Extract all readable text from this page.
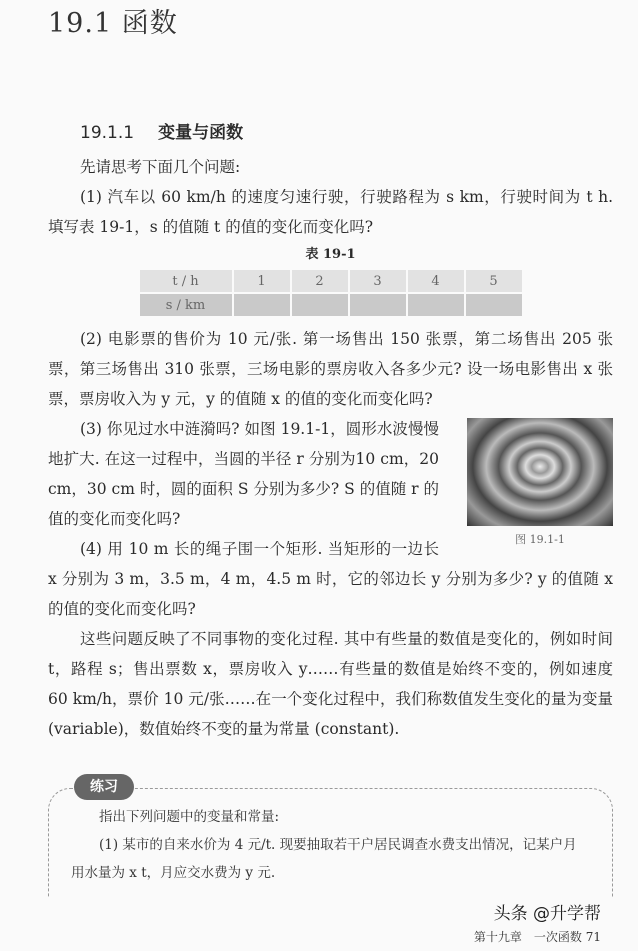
19.1 函数
19.1.1 变量与函数

先请思考下面几个问题:

(1) 汽车以 60 km/h 的速度匀速行驶，行驶路程为 s km，行驶时间为 t h. 填写表 19-1，s 的值随 t 的值的变化而变化吗?

表 19-1
t / h	1	2	3	4	5
s / km					

(2) 电影票的售价为 10 元/张. 第一场售出 150 张票，第二场售出 205 张票，第三场售出 310 张票，三场电影的票房收入各多少元? 设一场电影售出 x 张票，票房收入为 y 元，y 的值随 x 的值的变化而变化吗?

图 19.1-1

(3) 你见过水中涟漪吗? 如图 19.1-1，圆形水波慢慢地扩大. 在这一过程中，当圆的半径 r 分别为10 cm，20 cm，30 cm 时，圆的面积 S 分别为多少? S 的值随 r 的值的变化而变化吗?

(4) 用 10 m 长的绳子围一个矩形. 当矩形的一边长 x 分别为 3 m，3.5 m，4 m，4.5 m 时，它的邻边长 y 分别为多少? y 的值随 x 的值的变化而变化吗?

这些问题反映了不同事物的变化过程. 其中有些量的数值是变化的，例如时间 t，路程 s；售出票数 x，票房收入 y……有些量的数值是始终不变的，例如速度 60 km/h，票价 10 元/张……在一个变化过程中，我们称数值发生变化的量为变量 (variable)，数值始终不变的量为常量 (constant).

练习

指出下列问题中的变量和常量:

(1) 某市的自来水价为 4 元/t. 现要抽取若干户居民调查水费支出情况，记某户月用水量为 x t，月应交水费为 y 元.

头条 @升学帮
第十九章　一次函数 71
